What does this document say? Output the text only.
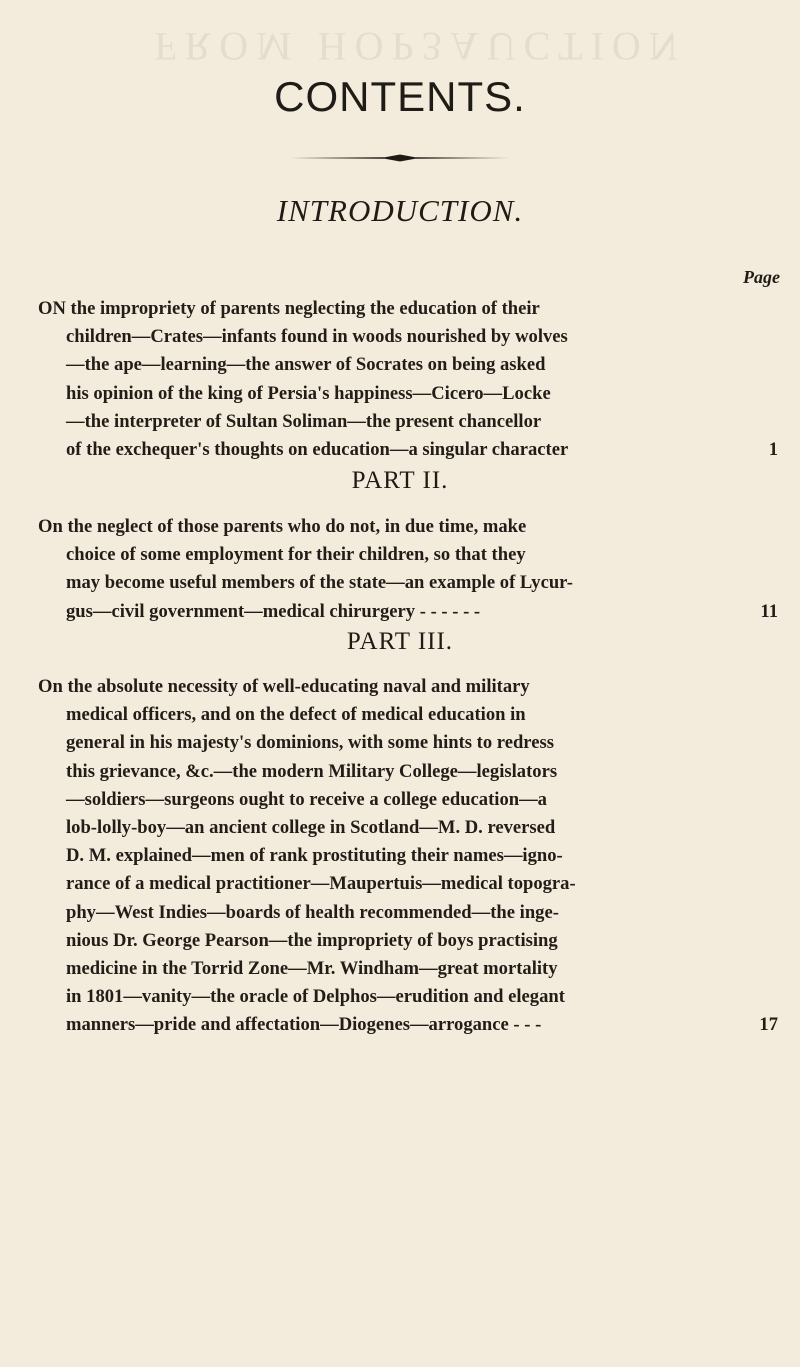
FROM HOP3AUCTION
CONTENTS.
INTRODUCTION.
Page
ON the impropriety of parents neglecting the education of their
children—Crates—infants found in woods nourished by wolves
—the ape—learning—the answer of Socrates on being asked
his opinion of the king of Persia's happiness—Cicero—Locke
—the interpreter of Sultan Soliman—the present chancellor
of the exchequer's thoughts on education—a singular character	1
PART II.
On the neglect of those parents who do not, in due time, make
choice of some employment for their children, so that they
may become useful members of the state—an example of Lycur-
gus—civil government—medical chirurgery - - - - - -	11
PART III.
On the absolute necessity of well-educating naval and military
medical officers, and on the defect of medical education in
general in his majesty's dominions, with some hints to redress
this grievance, &c.—the modern Military College—legislators
—soldiers—surgeons ought to receive a college education—a
lob-lolly-boy—an ancient college in Scotland—M. D. reversed
D. M. explained—men of rank prostituting their names—igno-
rance of a medical practitioner—Maupertuis—medical topogra-
phy—West Indies—boards of health recommended—the inge-
nious Dr. George Pearson—the impropriety of boys practising
medicine in the Torrid Zone—Mr. Windham—great mortality
in 1801—vanity—the oracle of Delphos—erudition and elegant
manners—pride and affectation—Diogenes—arrogance - - -	17
